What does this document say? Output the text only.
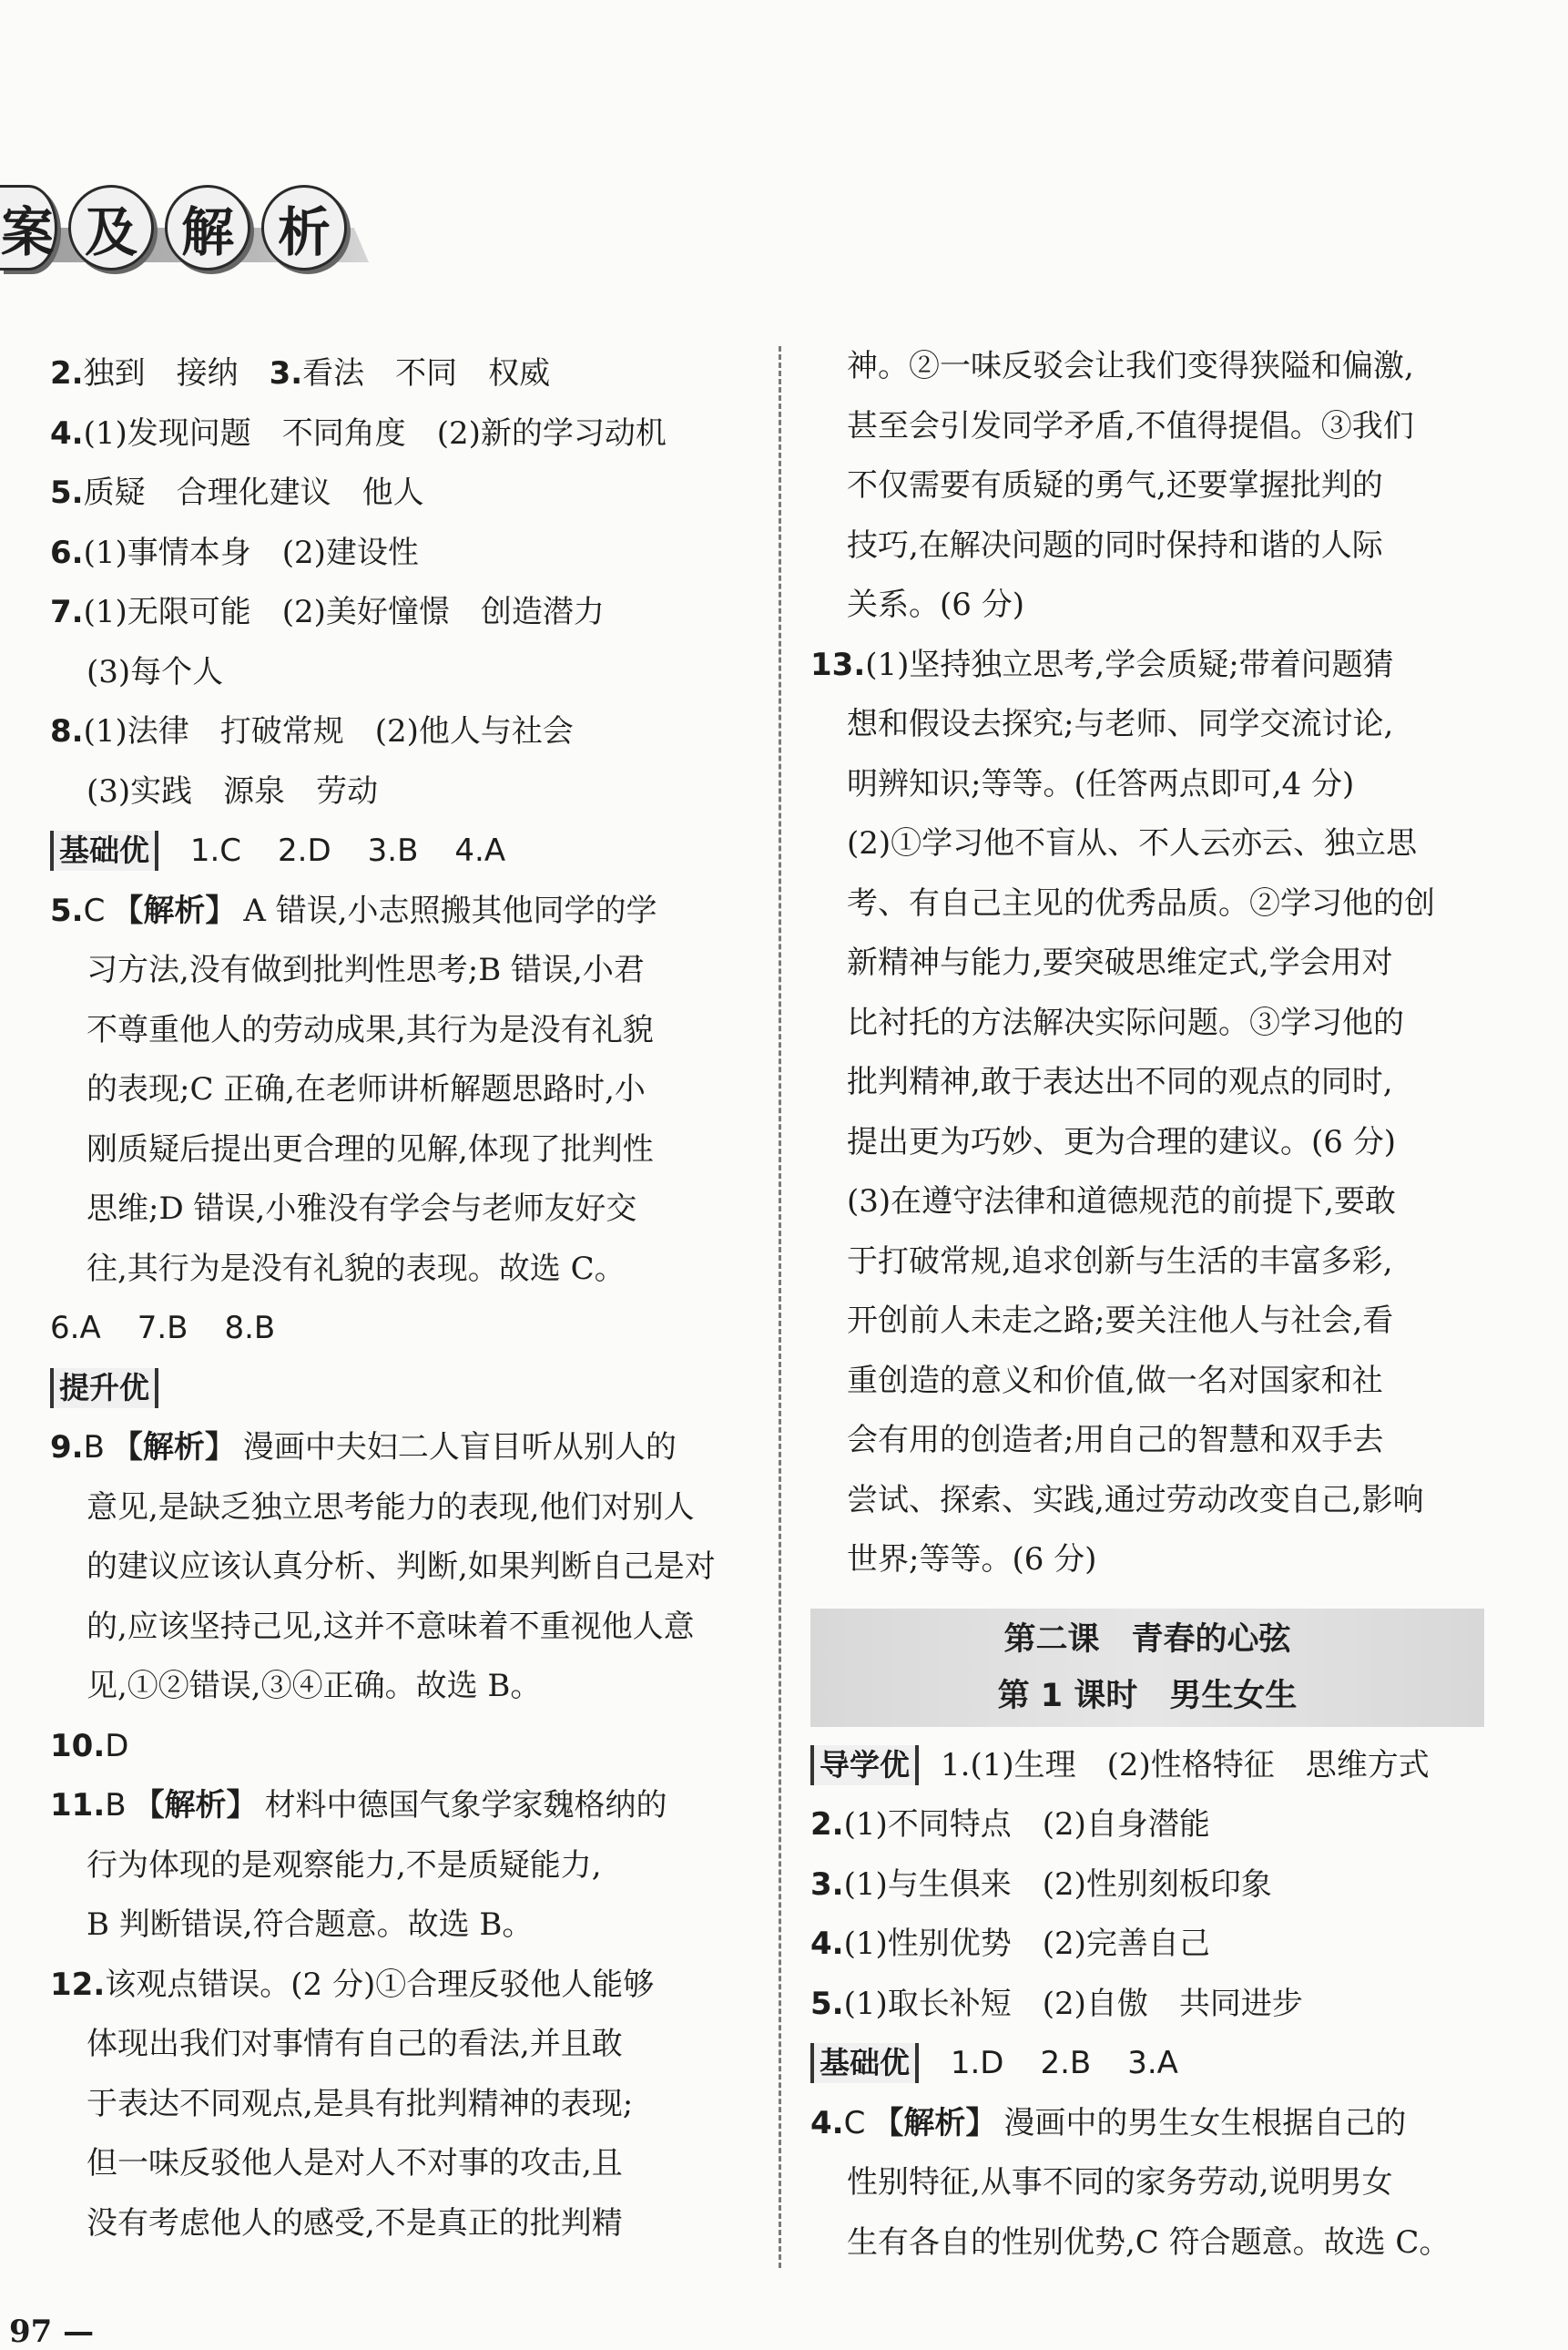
案 及 解 析
2.独到　接纳　3.看法　不同　权威
4.(1)发现问题　不同角度　(2)新的学习动机
5.质疑　合理化建议　他人
6.(1)事情本身　(2)建设性
7.(1)无限可能　(2)美好憧憬　创造潜力
(3)每个人
8.(1)法律　打破常规　(2)他人与社会
(3)实践　源泉　劳动
基础优 1.C 2.D 3.B 4.A
5.C 【解析】 A 错误,小志照搬其他同学的学
习方法,没有做到批判性思考;B 错误,小君
不尊重他人的劳动成果,其行为是没有礼貌
的表现;C 正确,在老师讲析解题思路时,小
刚质疑后提出更合理的见解,体现了批判性
思维;D 错误,小雅没有学会与老师友好交
往,其行为是没有礼貌的表现。故选 C。
6.A 7.B 8.B
提升优
9.B 【解析】 漫画中夫妇二人盲目听从别人的
意见,是缺乏独立思考能力的表现,他们对别人
的建议应该认真分析、判断,如果判断自己是对
的,应该坚持己见,这并不意味着不重视他人意
见,①②错误,③④正确。故选 B。
10.D
11.B 【解析】 材料中德国气象学家魏格纳的
行为体现的是观察能力,不是质疑能力,
B 判断错误,符合题意。故选 B。
12.该观点错误。(2 分)①合理反驳他人能够
体现出我们对事情有自己的看法,并且敢
于表达不同观点,是具有批判精神的表现;
但一味反驳他人是对人不对事的攻击,且
没有考虑他人的感受,不是真正的批判精
神。②一味反驳会让我们变得狭隘和偏激,
甚至会引发同学矛盾,不值得提倡。③我们
不仅需要有质疑的勇气,还要掌握批判的
技巧,在解决问题的同时保持和谐的人际
关系。(6 分)
13.(1)坚持独立思考,学会质疑;带着问题猜
想和假设去探究;与老师、同学交流讨论,
明辨知识;等等。(任答两点即可,4 分)
(2)①学习他不盲从、不人云亦云、独立思
考、有自己主见的优秀品质。②学习他的创
新精神与能力,要突破思维定式,学会用对
比衬托的方法解决实际问题。③学习他的
批判精神,敢于表达出不同的观点的同时,
提出更为巧妙、更为合理的建议。(6 分)
(3)在遵守法律和道德规范的前提下,要敢
于打破常规,追求创新与生活的丰富多彩,
开创前人未走之路;要关注他人与社会,看
重创造的意义和价值,做一名对国家和社
会有用的创造者;用自己的智慧和双手去
尝试、探索、实践,通过劳动改变自己,影响
世界;等等。(6 分)
第二课　青春的心弦
第 1 课时　男生女生
导学优 1.(1)生理　(2)性格特征　思维方式
2.(1)不同特点　(2)自身潜能
3.(1)与生俱来　(2)性别刻板印象
4.(1)性别优势　(2)完善自己
5.(1)取长补短　(2)自傲　共同进步
基础优 1.D 2.B 3.A
4.C 【解析】 漫画中的男生女生根据自己的
性别特征,从事不同的家务劳动,说明男女
生有各自的性别优势,C 符合题意。故选 C。
97 —
